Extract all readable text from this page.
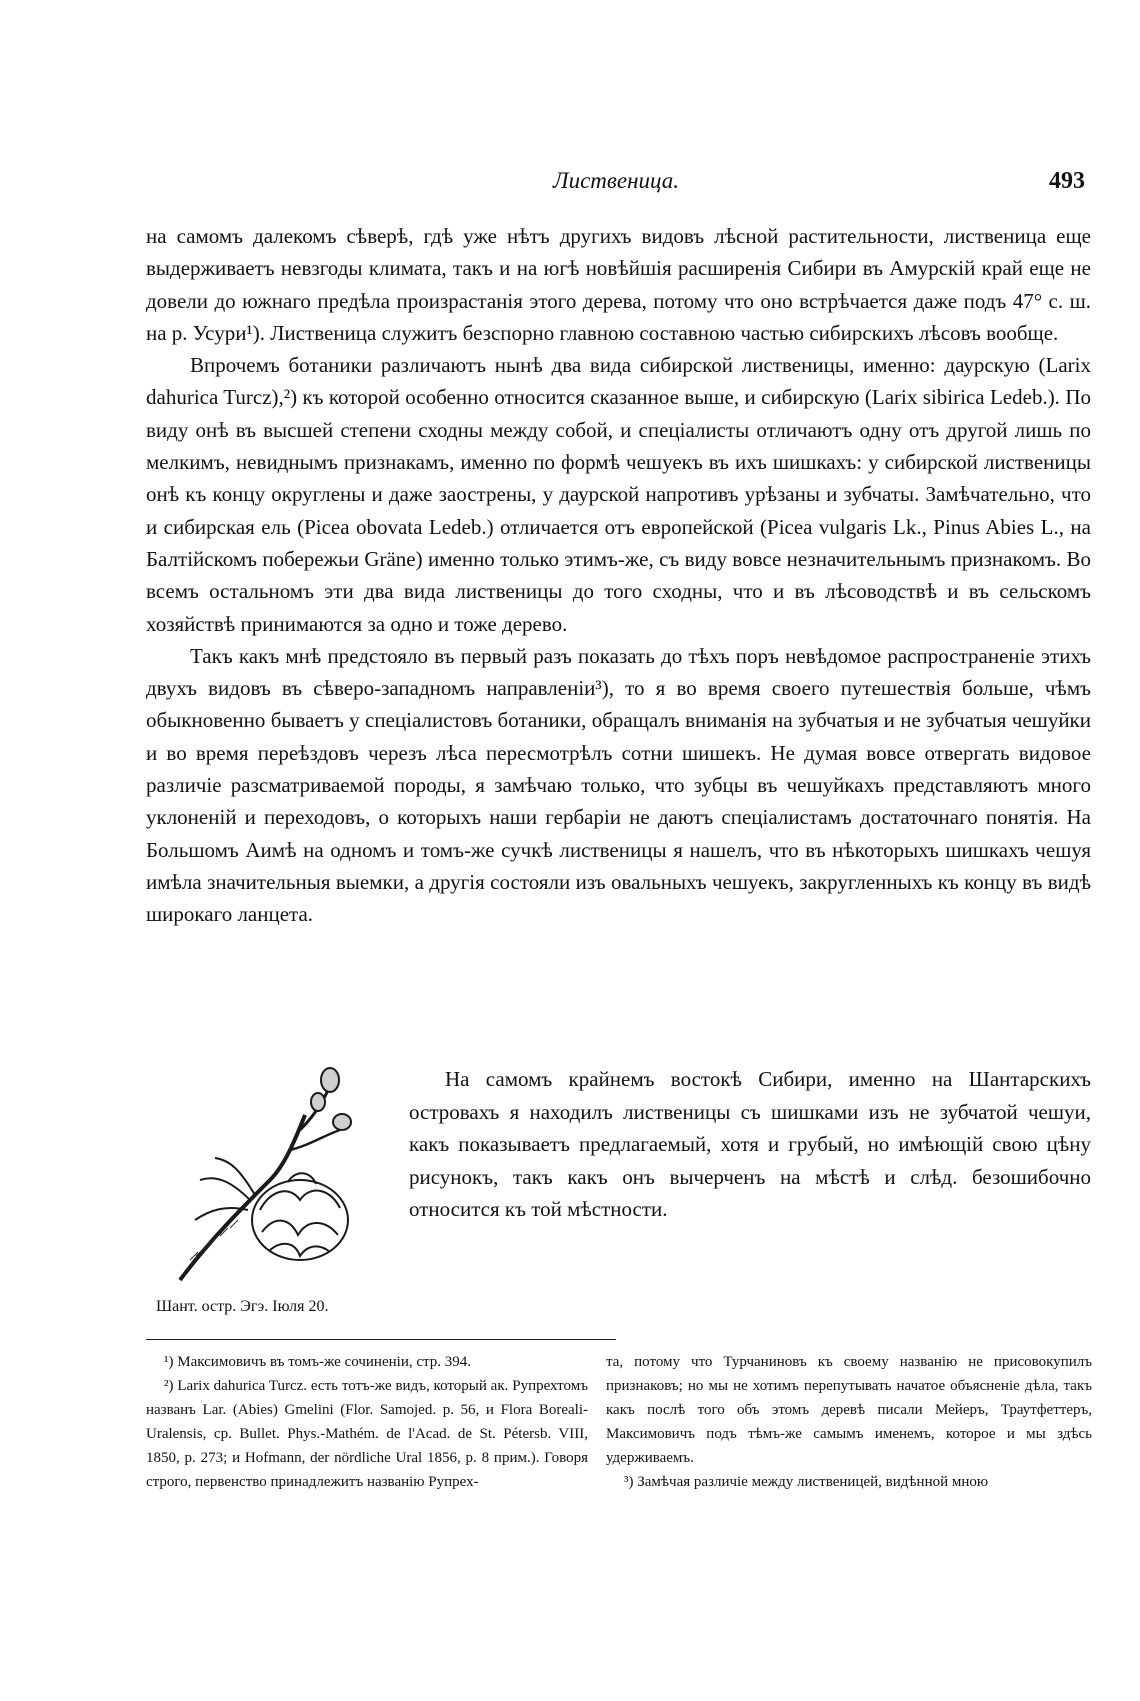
Лиственица.	493

на самомъ далекомъ сѣверѣ, гдѣ уже нѣтъ другихъ видовъ лѣсной растительности, лиственица еще выдерживаетъ невзгоды климата, такъ и на югѣ новѣйшія расширенія Сибири въ Амурскій край еще не довели до южнаго предѣла произрастанія этого дерева, потому что оно встрѣчается даже подъ 47° с. ш. на р. Усури¹). Лиственица служитъ безспорно главною составною частью сибирскихъ лѣсовъ вообще.

Впрочемъ ботаники различаютъ нынѣ два вида сибирской лиственицы, именно: даурскую (Larix dahurica Turcz),²) къ которой особенно относится сказанное выше, и сибирскую (Larix sibirica Ledeb.). По виду онѣ въ высшей степени сходны между собой, и спеціалисты отличаютъ одну отъ другой лишь по мелкимъ, невиднымъ признакамъ, именно по формѣ чешуекъ въ ихъ шишкахъ: у сибирской лиственицы онѣ къ концу округлены и даже заострены, у даурской напротивъ урѣзаны и зубчаты. Замѣчательно, что и сибирская ель (Picea obovata Ledeb.) отличается отъ европейской (Picea vulgaris Lk., Pinus Abies L., на Балтійскомъ побережьи Gräne) именно только этимъ-же, съ виду вовсе незначительнымъ признакомъ. Во всемъ остальномъ эти два вида лиственицы до того сходны, что и въ лѣсоводствѣ и въ сельскомъ хозяйствѣ принимаются за одно и тоже дерево.

Такъ какъ мнѣ предстояло въ первый разъ показать до тѣхъ поръ невѣдомое распространеніе этихъ двухъ видовъ въ сѣверо-западномъ направленіи³), то я во время своего путешествія больше, чѣмъ обыкновенно бываетъ у спеціалистовъ ботаники, обращалъ вниманія на зубчатыя и не зубчатыя чешуйки и во время переѣздовъ черезъ лѣса пересмотрѣлъ сотни шишекъ. Не думая вовсе отвергать видовое различіе разсматриваемой породы, я замѣчаю только, что зубцы въ чешуйкахъ представляютъ много уклоненій и переходовъ, о которыхъ наши гербаріи не даютъ спеціалистамъ достаточнаго понятія. На Большомъ Аимѣ на одномъ и томъ-же сучкѣ лиственицы я нашелъ, что въ нѣкоторыхъ шишкахъ чешуя имѣла значительныя выемки, а другія состояли изъ овальныхъ чешуекъ, закругленныхъ къ концу въ видѣ широкаго ланцета.

Шант. остр. Эгэ. Іюля 20.

На самомъ крайнемъ востокѣ Сибири, именно на Шантарскихъ островахъ я находилъ лиственицы съ шишками изъ не зубчатой чешуи, какъ показываетъ предлагаемый, хотя и грубый, но имѣющій свою цѣну рисунокъ, такъ какъ онъ вычерченъ на мѣстѣ и слѣд. безошибочно относится къ той мѣстности.

¹) Максимовичъ въ томъ-же сочиненіи, стр. 394.

²) Larix dahurica Turcz. есть тотъ-же видъ, который ак. Рупрехтомъ названъ Lar. (Abies) Gmelini (Flor. Samojed. p. 56, и Flora Boreali-Uralensis, cp. Bullet. Phys.-Mathém. de l'Acad. de St. Pétersb. VIII, 1850, p. 273; и Hofmann, der nördliche Ural 1856, p. 8 прим.). Говоря строго, первенство принадлежитъ названію Рупрех-

та, потому что Турчаниновъ къ своему названію не присовокупилъ признаковъ; но мы не хотимъ перепутывать начатое объясненіе дѣла, такъ какъ послѣ того объ этомъ деревѣ писали Мейеръ, Траутфеттеръ, Максимовичъ подъ тѣмъ-же самымъ именемъ, которое и мы здѣсь удерживаемъ.

³) Замѣчая различіе между лиственицей, видѣнной мною
